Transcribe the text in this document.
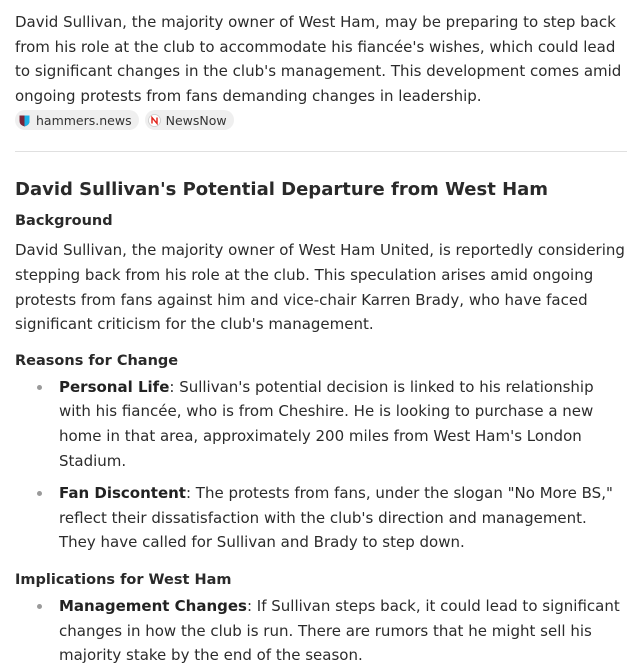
David Sullivan, the majority owner of West Ham, may be preparing to step back from his role at the club to accommodate his fiancée's wishes, which could lead to significant changes in the club's management. This development comes amid ongoing protests from fans demanding changes in leadership.

hammers.news	NewsNow
David Sullivan's Potential Departure from West Ham
Background

David Sullivan, the majority owner of West Ham United, is reportedly considering stepping back from his role at the club. This speculation arises amid ongoing protests from fans against him and vice-chair Karren Brady, who have faced significant criticism for the club's management.

Reasons for Change
Personal Life: Sullivan's potential decision is linked to his relationship with his fiancée, who is from Cheshire. He is looking to purchase a new home in that area, approximately 200 miles from West Ham's London Stadium.
Fan Discontent: The protests from fans, under the slogan "No More BS," reflect their dissatisfaction with the club's direction and management. They have called for Sullivan and Brady to step down.
Implications for West Ham
Management Changes: If Sullivan steps back, it could lead to significant changes in how the club is run. There are rumors that he might sell his majority stake by the end of the season.
